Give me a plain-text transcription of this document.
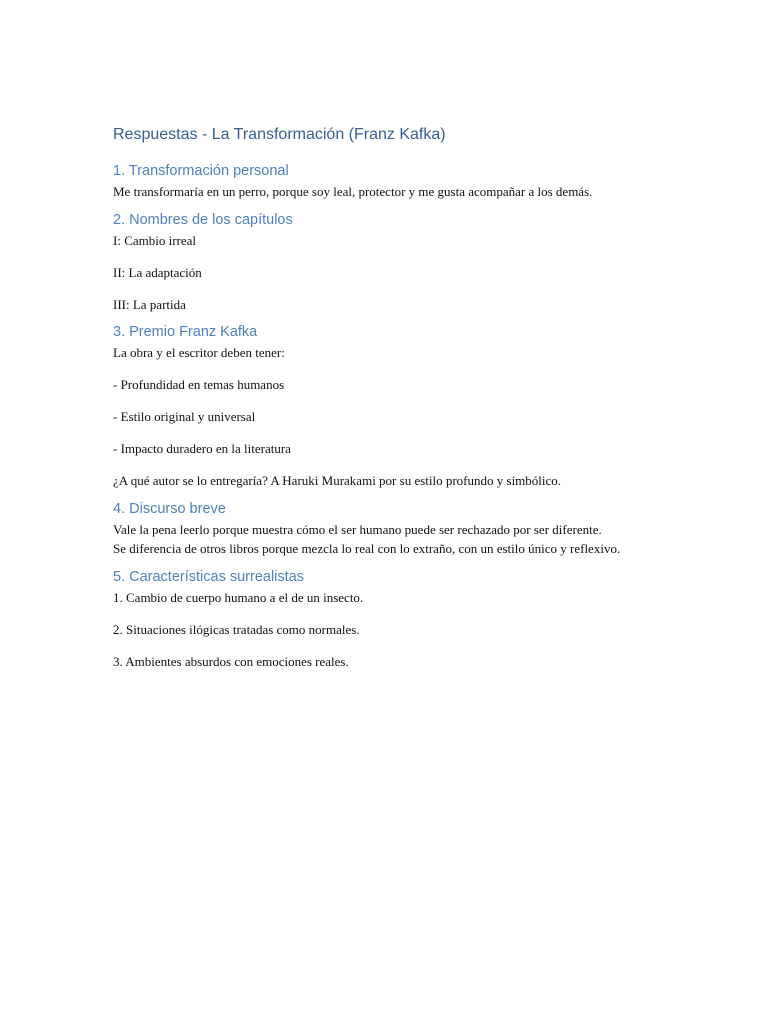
Respuestas - La Transformación (Franz Kafka)
1. Transformación personal

Me transformaría en un perro, porque soy leal, protector y me gusta acompañar a los demás.

2. Nombres de los capítulos

I: Cambio irreal

II: La adaptación

III: La partida

3. Premio Franz Kafka

La obra y el escritor deben tener:

- Profundidad en temas humanos

- Estilo original y universal

- Impacto duradero en la literatura

¿A qué autor se lo entregaría? A Haruki Murakami por su estilo profundo y simbólico.

4. Discurso breve

Vale la pena leerlo porque muestra cómo el ser humano puede ser rechazado por ser diferente.

Se diferencia de otros libros porque mezcla lo real con lo extraño, con un estilo único y reflexivo.

5. Características surrealistas

1. Cambio de cuerpo humano a el de un insecto.

2. Situaciones ilógicas tratadas como normales.

3. Ambientes absurdos con emociones reales.
